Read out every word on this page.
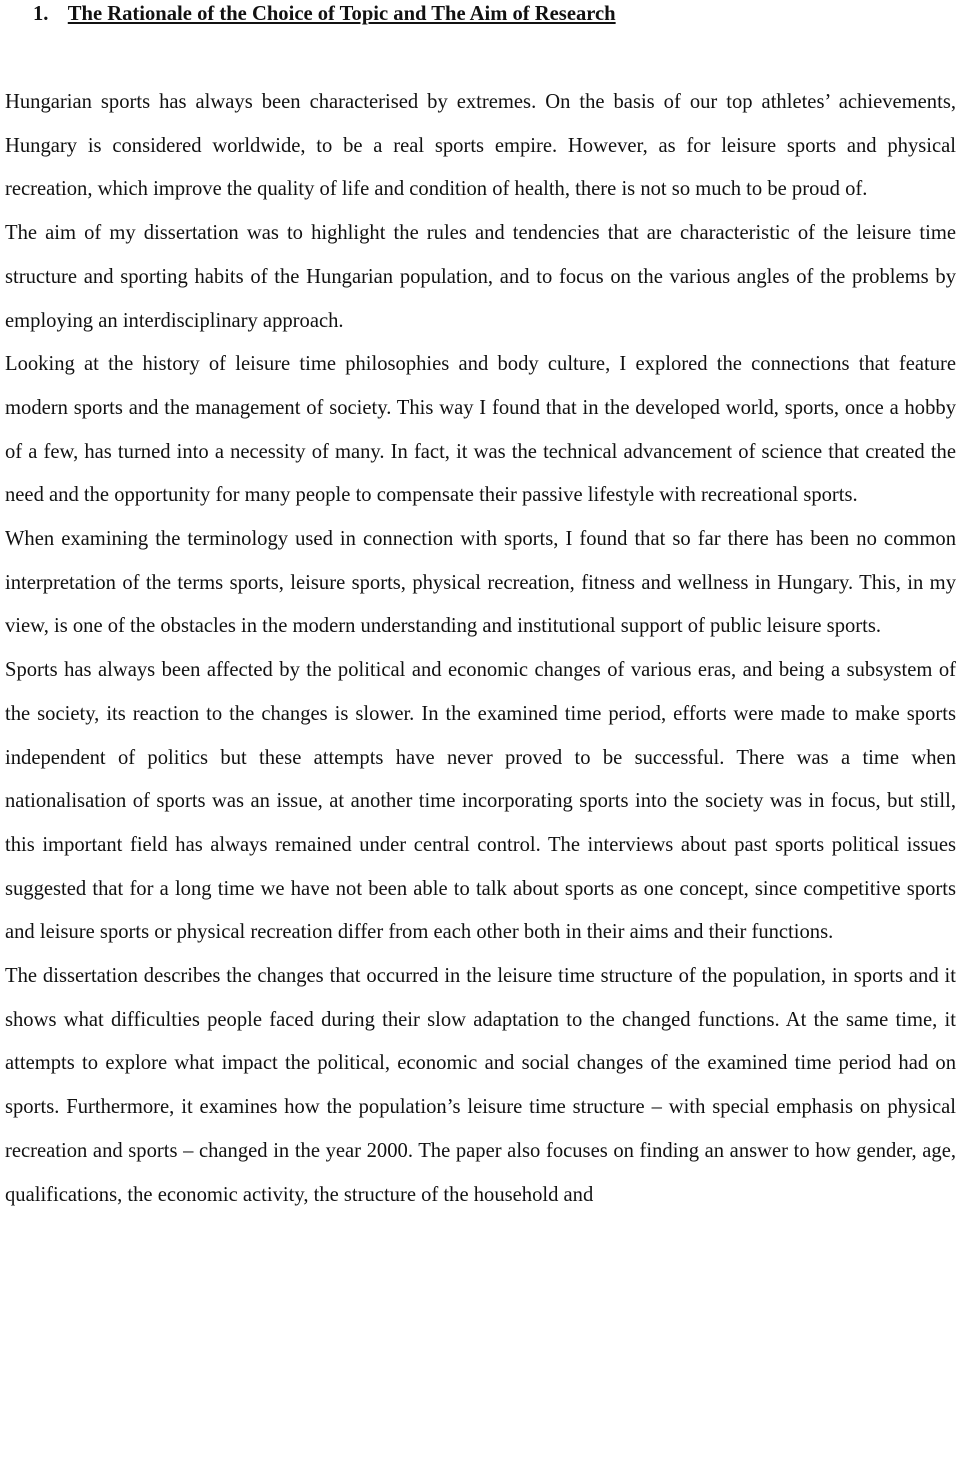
1. The Rationale of the Choice of Topic and The Aim of Research

Hungarian sports has always been characterised by extremes. On the basis of our top athletes’ achievements, Hungary is considered worldwide, to be a real sports empire. However, as for leisure sports and physical recreation, which improve the quality of life and condition of health, there is not so much to be proud of.

The aim of my dissertation was to highlight the rules and tendencies that are characteristic of the leisure time structure and sporting habits of the Hungarian population, and to focus on the various angles of the problems by employing an interdisciplinary approach.

Looking at the history of leisure time philosophies and body culture, I explored the connections that feature modern sports and the management of society. This way I found that in the developed world, sports, once a hobby of a few, has turned into a necessity of many. In fact, it was the technical advancement of science that created the need and the opportunity for many people to compensate their passive lifestyle with recreational sports.

When examining the terminology used in connection with sports, I found that so far there has been no common interpretation of the terms sports, leisure sports, physical recreation, fitness and wellness in Hungary. This, in my view, is one of the obstacles in the modern understanding and institutional support of public leisure sports.

Sports has always been affected by the political and economic changes of various eras, and being a subsystem of the society, its reaction to the changes is slower. In the examined time period, efforts were made to make sports independent of politics but these attempts have never proved to be successful. There was a time when nationalisation of sports was an issue, at another time incorporating sports into the society was in focus, but still, this important field has always remained under central control. The interviews about past sports political issues suggested that for a long time we have not been able to talk about sports as one concept, since competitive sports and leisure sports or physical recreation differ from each other both in their aims and their functions.

The dissertation describes the changes that occurred in the leisure time structure of the population, in sports and it shows what difficulties people faced during their slow adaptation to the changed functions. At the same time, it attempts to explore what impact the political, economic and social changes of the examined time period had on sports. Furthermore, it examines how the population’s leisure time structure – with special emphasis on physical recreation and sports – changed in the year 2000. The paper also focuses on finding an answer to how gender, age, qualifications, the economic activity, the structure of the household and
